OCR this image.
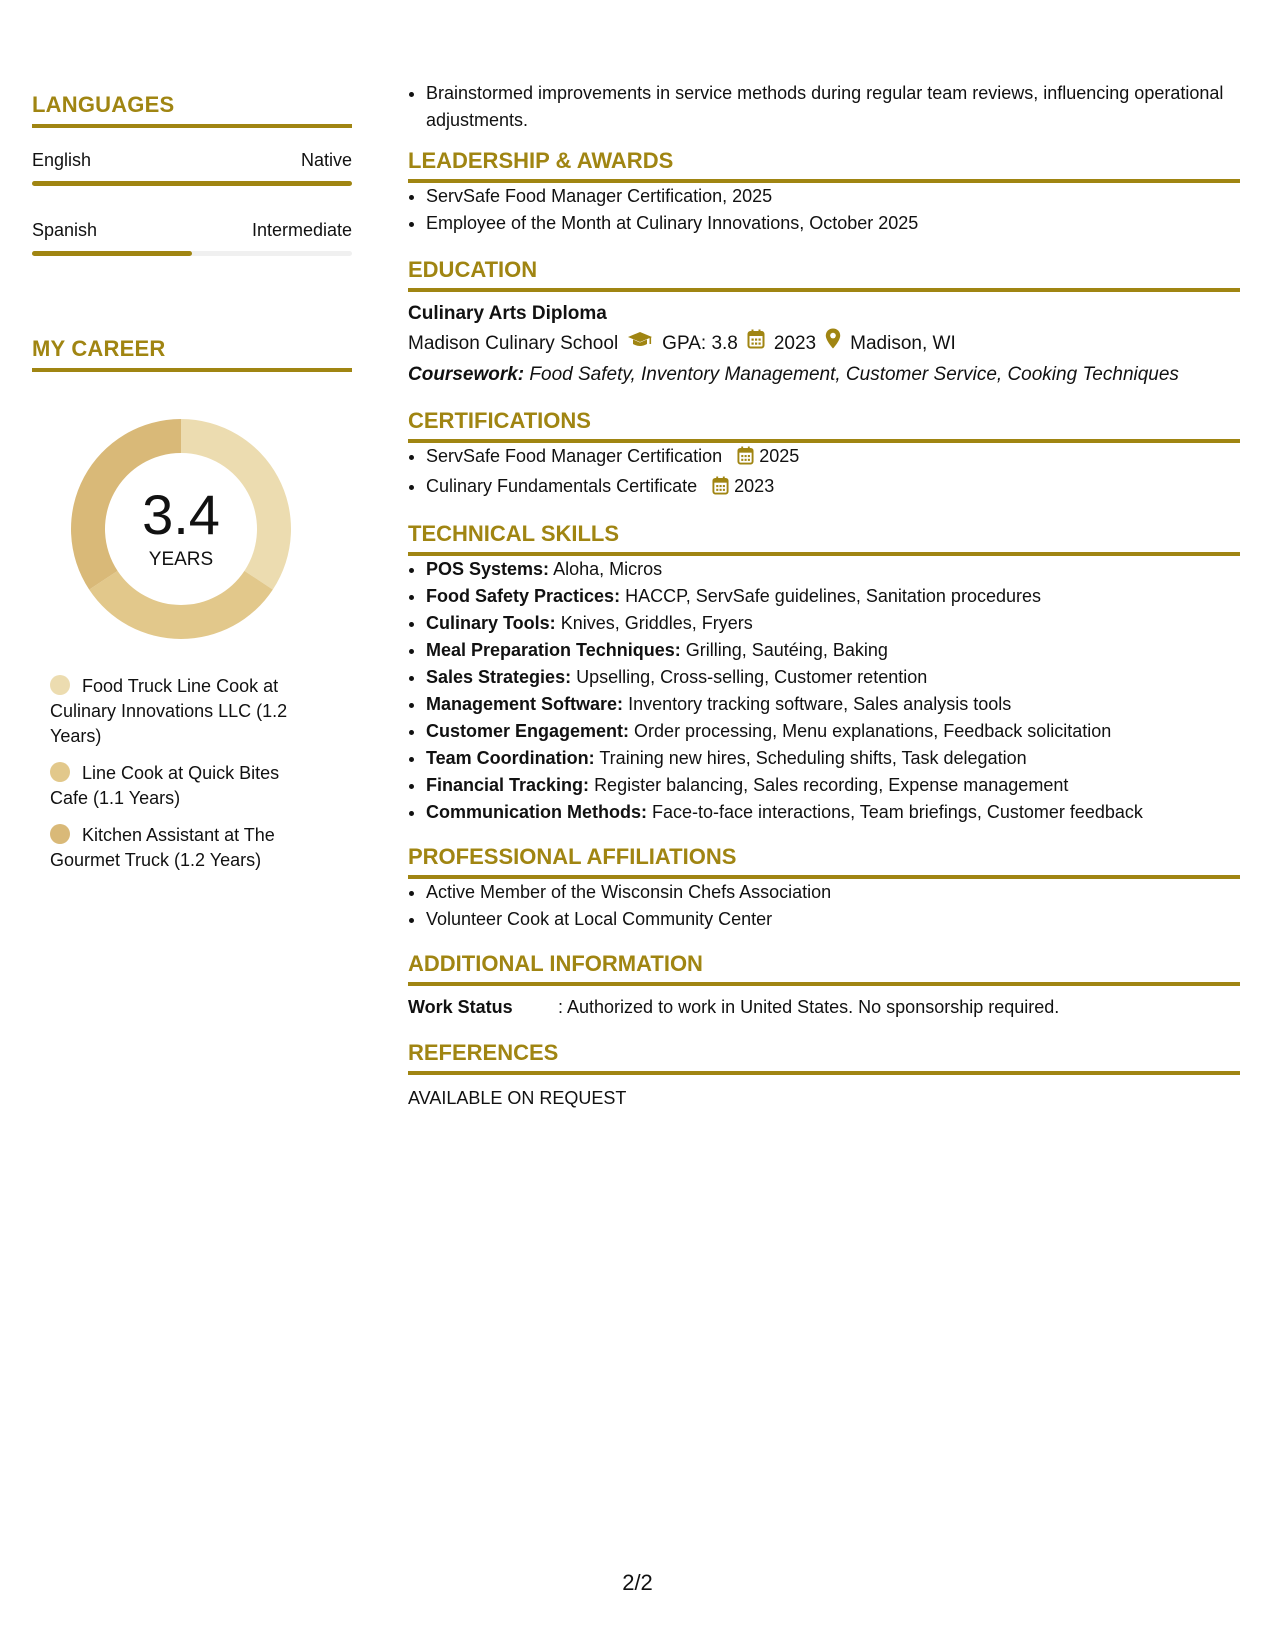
LANGUAGES
English	Native
Spanish	Intermediate
MY CAREER
3.4
YEARS
Food Truck Line Cook at Culinary Innovations LLC (1.2 Years)
Line Cook at Quick Bites Cafe (1.1 Years)
Kitchen Assistant at The Gourmet Truck (1.2 Years)
• Brainstormed improvements in service methods during regular team reviews, influencing operational adjustments.
LEADERSHIP & AWARDS
• ServSafe Food Manager Certification, 2025
• Employee of the Month at Culinary Innovations, October 2025
EDUCATION
Culinary Arts Diploma
Madison Culinary School GPA: 3.8 2023 Madison, WI
Coursework: Food Safety, Inventory Management, Customer Service, Cooking Techniques
CERTIFICATIONS
• ServSafe Food Manager Certification 2025
• Culinary Fundamentals Certificate 2023
TECHNICAL SKILLS
• POS Systems: Aloha, Micros
• Food Safety Practices: HACCP, ServSafe guidelines, Sanitation procedures
• Culinary Tools: Knives, Griddles, Fryers
• Meal Preparation Techniques: Grilling, Sautéing, Baking
• Sales Strategies: Upselling, Cross-selling, Customer retention
• Management Software: Inventory tracking software, Sales analysis tools
• Customer Engagement: Order processing, Menu explanations, Feedback solicitation
• Team Coordination: Training new hires, Scheduling shifts, Task delegation
• Financial Tracking: Register balancing, Sales recording, Expense management
• Communication Methods: Face-to-face interactions, Team briefings, Customer feedback
PROFESSIONAL AFFILIATIONS
• Active Member of the Wisconsin Chefs Association
• Volunteer Cook at Local Community Center
ADDITIONAL INFORMATION
Work Status	: Authorized to work in United States. No sponsorship required.
REFERENCES
AVAILABLE ON REQUEST
2/2
